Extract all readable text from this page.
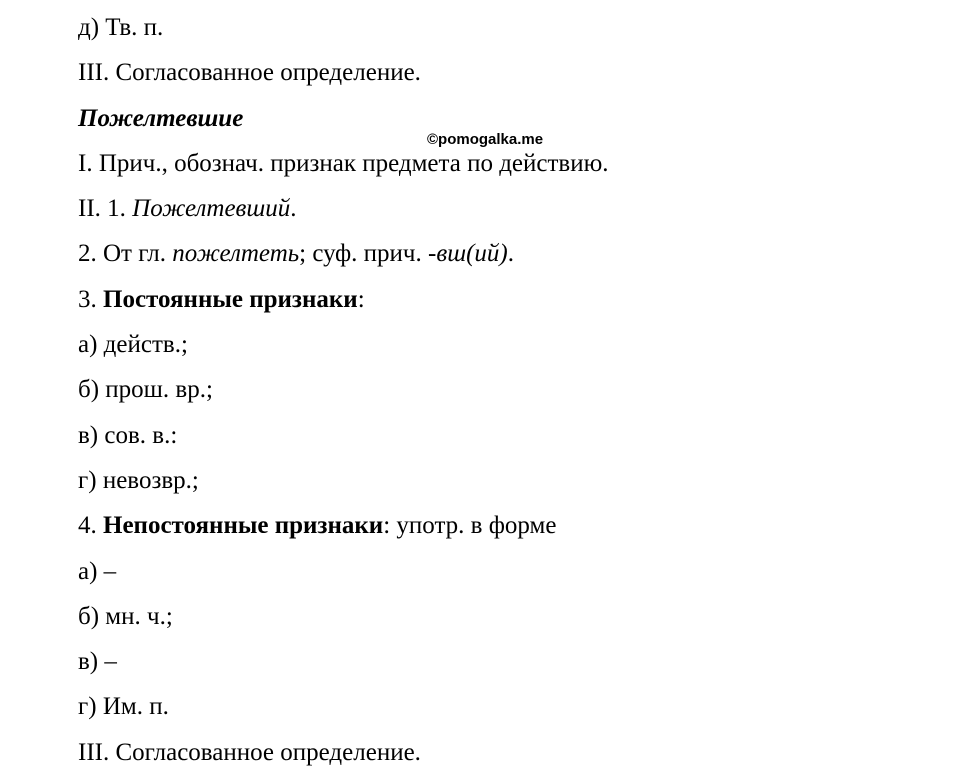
д) Тв. п.
III. Согласованное определение.
Пожелтевшие
I. Прич., обознач. признак предмета по действию.
II. 1. Пожелтевший.
2. От гл. пожелтеть; суф. прич. -вш(ий).
3. Постоянные признаки:
а) действ.;
б) прош. вр.;
в) сов. в.:
г) невозвр.;
4. Непостоянные признаки: употр. в форме
а) –
б) мн. ч.;
в) –
г) Им. п.
III. Согласованное определение.
©pomogalka.me
